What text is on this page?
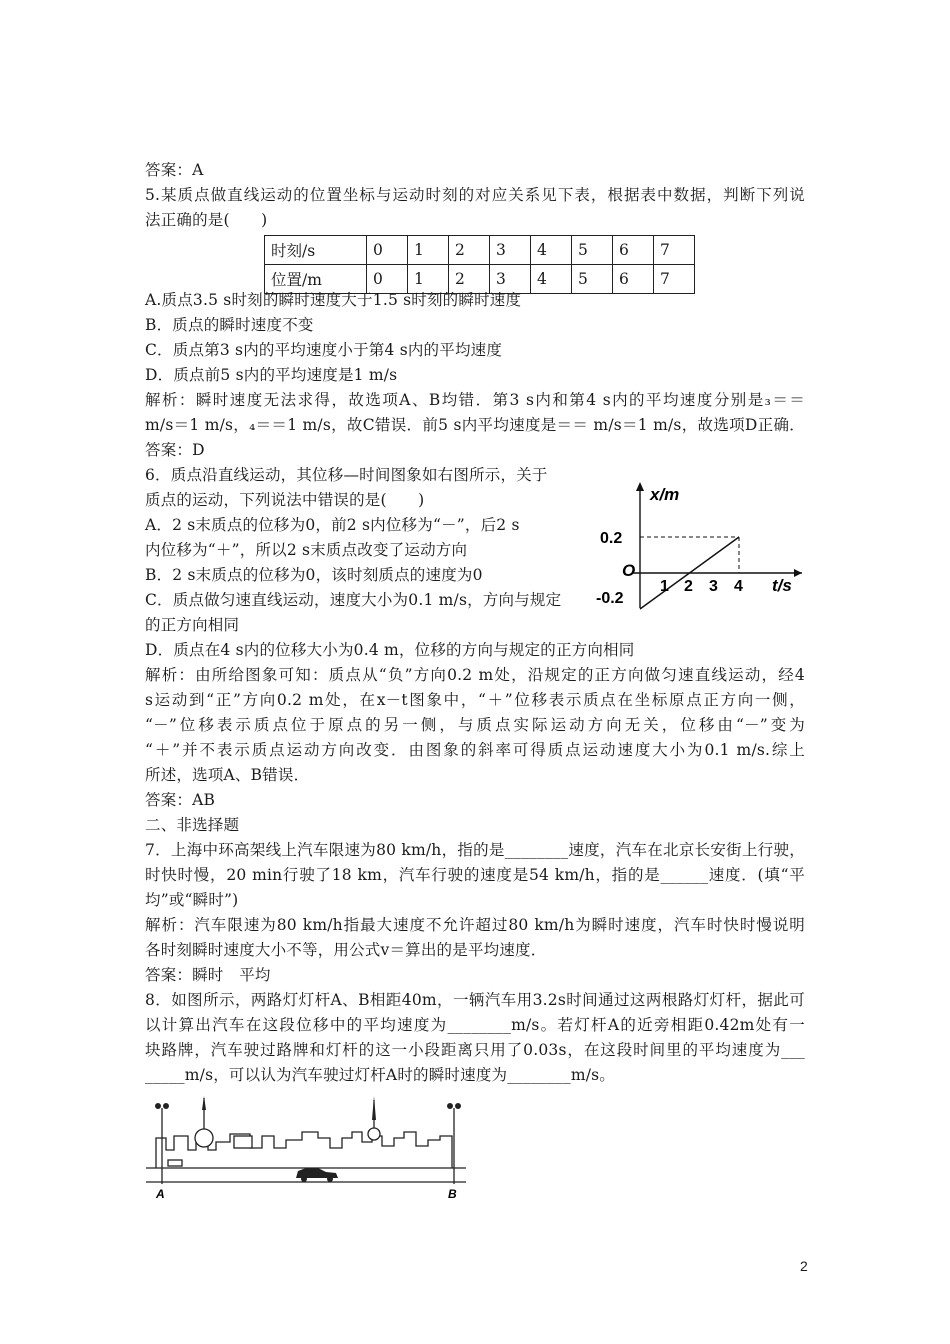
答案：A
5.某质点做直线运动的位置坐标与运动时刻的对应关系见下表，根据表中数据，判断下列说
法正确的是(　　)
时刻/s	0	1	2	3	4	5	6	7
位置/m	0	1	2	3	4	5	6	7
A.质点3.5 s时刻的瞬时速度大于1.5 s时刻的瞬时速度
B．质点的瞬时速度不变
C．质点第3 s内的平均速度小于第4 s内的平均速度
D．质点前5 s内的平均速度是1 m/s
解析：瞬时速度无法求得，故选项A、B均错．第3 s内和第4 s内的平均速度分别是₃＝＝
m/s＝1 m/s，₄＝＝1 m/s，故C错误．前5 s内平均速度是＝＝ m/s＝1 m/s，故选项D正确．
答案：D
6．质点沿直线运动，其位移—时间图象如右图所示，关于
质点的运动，下列说法中错误的是(　　)
A．2 s末质点的位移为0，前2 s内位移为“－”，后2 s
内位移为“＋”，所以2 s末质点改变了运动方向
B．2 s末质点的位移为0，该时刻质点的速度为0
C．质点做匀速直线运动，速度大小为0.1 m/s，方向与规定
的正方向相同
x/m
t/s
O
0.2
-0.2
1 2 3 4
D．质点在4 s内的位移大小为0.4 m，位移的方向与规定的正方向相同
解析：由所给图象可知：质点从“负”方向0.2 m处，沿规定的正方向做匀速直线运动，经4
s运动到“正”方向0.2 m处，在x－t图象中，“＋”位移表示质点在坐标原点正方向一侧，
“－”位移表示质点位于原点的另一侧，与质点实际运动方向无关，位移由“－”变为
“＋”并不表示质点运动方向改变．由图象的斜率可得质点运动速度大小为0.1 m/s.综上
所述，选项A、B错误．
答案：AB
二、非选择题
7．上海中环高架线上汽车限速为80 km/h，指的是________速度，汽车在北京长安街上行驶，
时快时慢，20 min行驶了18 km，汽车行驶的速度是54 km/h，指的是______速度．(填“平
均”或“瞬时”)
解析：汽车限速为80 km/h指最大速度不允许超过80 km/h为瞬时速度，汽车时快时慢说明
各时刻瞬时速度大小不等，用公式v＝算出的是平均速度．
答案：瞬时　平均
8．如图所示，两路灯灯杆A、B相距40m，一辆汽车用3.2s时间通过这两根路灯灯杆，据此可
以计算出汽车在这段位移中的平均速度为________m/s。若灯杆A的近旁相距0.42m处有一
块路牌，汽车驶过路牌和灯杆的这一小段距离只用了0.03s，在这段时间里的平均速度为___
_____m/s，可以认为汽车驶过灯杆A时的瞬时速度为________m/s。
A	B
2
